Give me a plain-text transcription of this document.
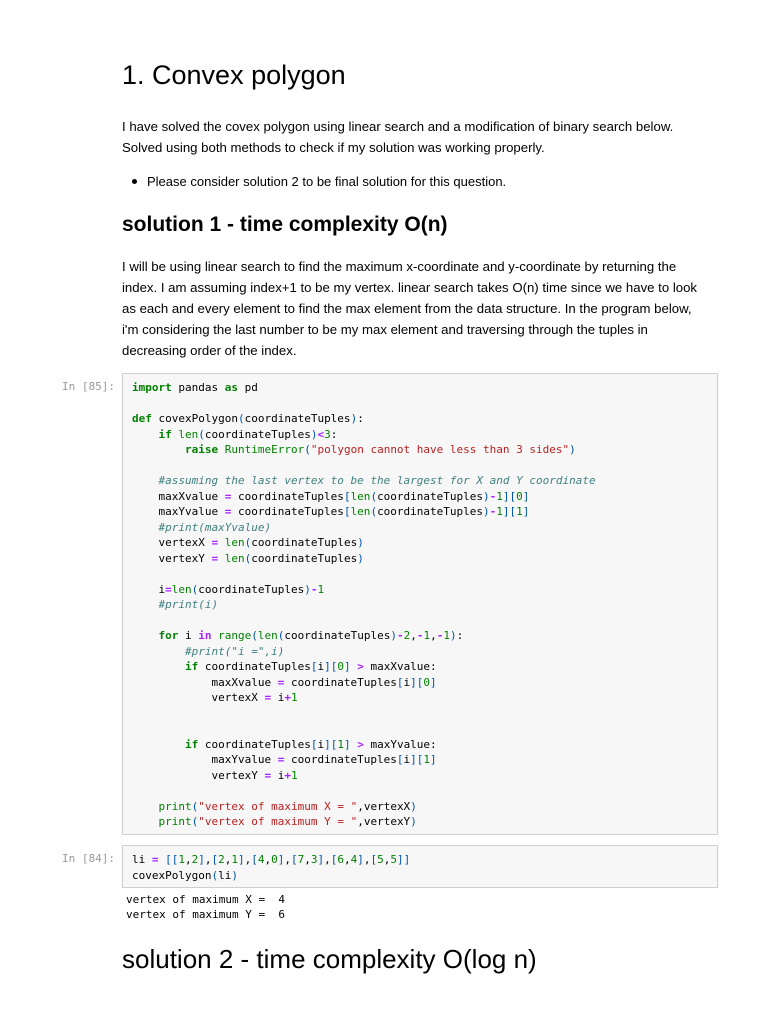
1. Convex polygon

I have solved the covex polygon using linear search and a modification of binary search below. Solved using both methods to check if my solution was working properly.

Please consider solution 2 to be final solution for this question.
solution 1 - time complexity O(n)

I will be using linear search to find the maximum x-coordinate and y-coordinate by returning the index. I am assuming index+1 to be my vertex. linear search takes O(n) time since we have to look as each and every element to find the max element from the data structure. In the program below, i'm considering the last number to be my max element and traversing through the tuples in decreasing order of the index.

In [85]:	import pandas as pd

def covexPolygon(coordinateTuples):
if len(coordinateTuples)<3:
raise RuntimeError("polygon cannot have less than 3 sides")

#assuming the last vertex to be the largest for X and Y coordinate
maxXvalue = coordinateTuples[len(coordinateTuples)-1][0]
maxYvalue = coordinateTuples[len(coordinateTuples)-1][1]
#print(maxYvalue)
vertexX = len(coordinateTuples)
vertexY = len(coordinateTuples)

i=len(coordinateTuples)-1
#print(i)

for i in range(len(coordinateTuples)-2,-1,-1):
#print("i =",i)
if coordinateTuples[i][0] > maxXvalue:
maxXvalue = coordinateTuples[i][0]
vertexX = i+1

if coordinateTuples[i][1] > maxYvalue:
maxYvalue = coordinateTuples[i][1]
vertexY = i+1

print("vertex of maximum X = ",vertexX)
print("vertex of maximum Y = ",vertexY)
In [84]:	li = [[1,2],[2,1],[4,0],[7,3],[6,4],[5,5]]
covexPolygon(li)
vertex of maximum X =  4
vertex of maximum Y =  6
solution 2 - time complexity O(log n)
